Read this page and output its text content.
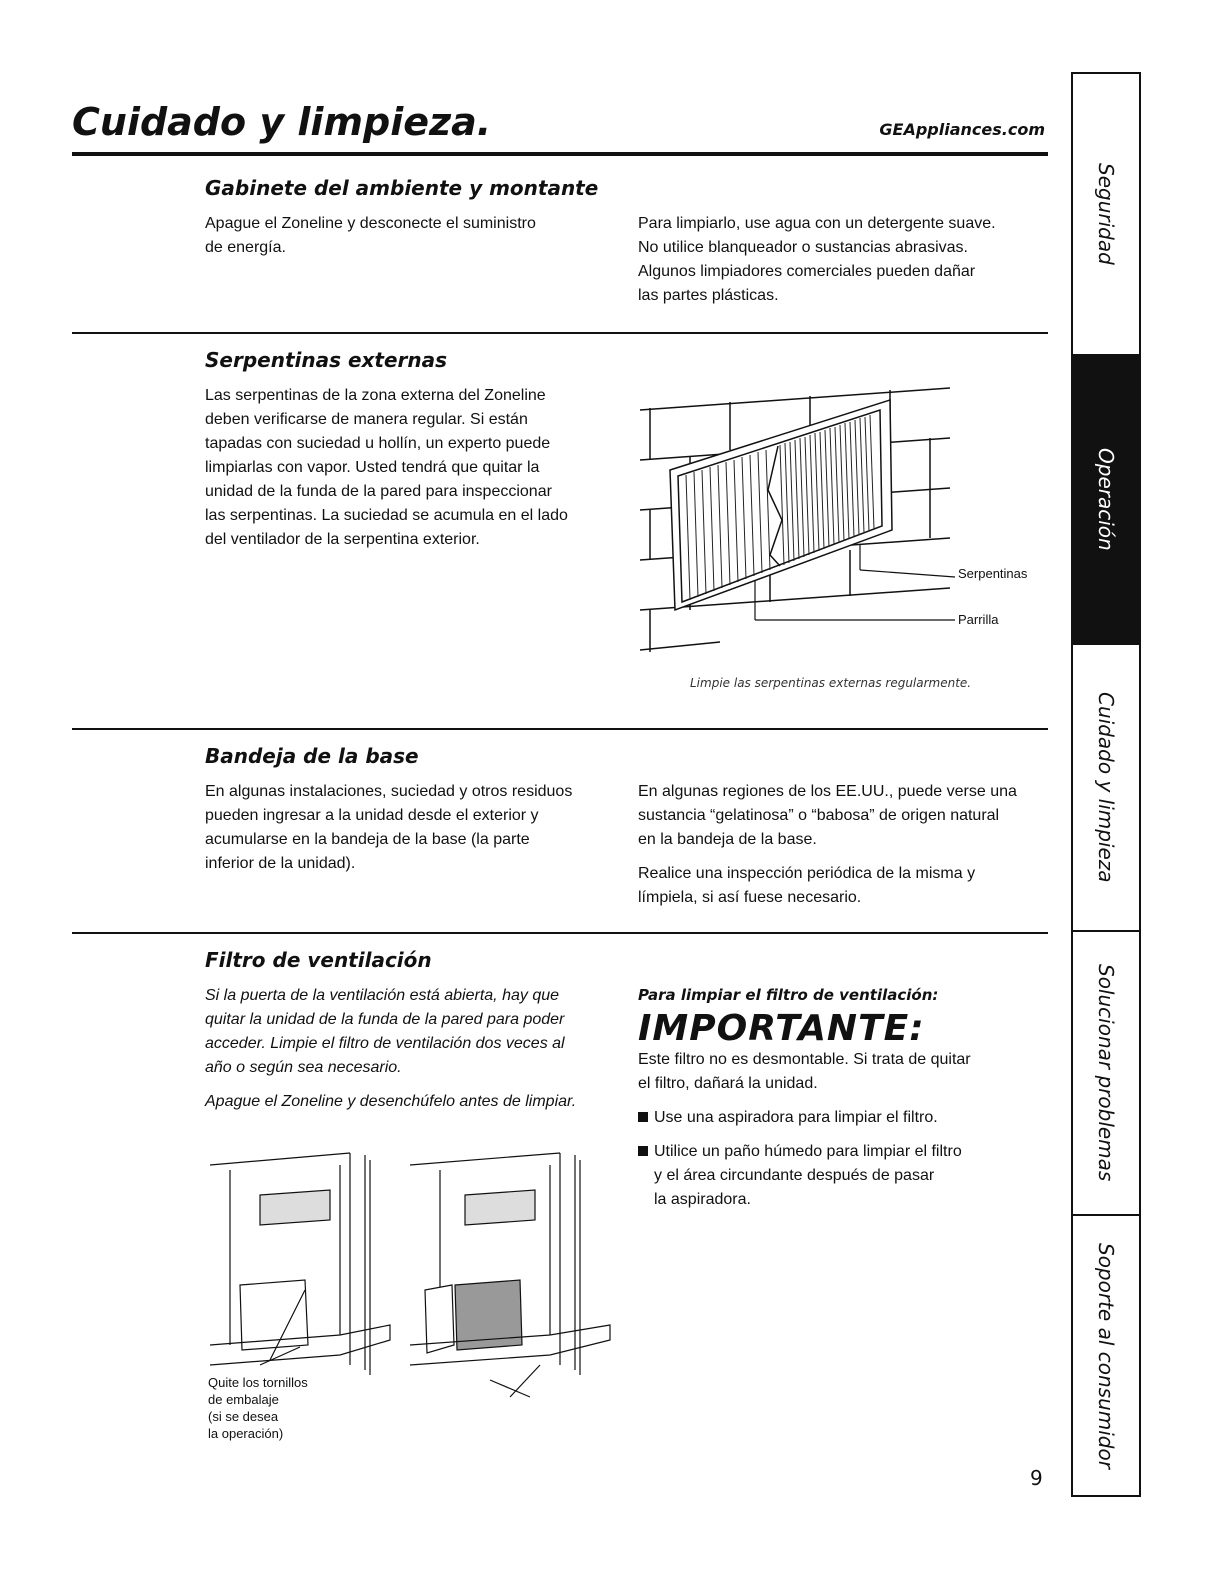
Cuidado y limpieza.	GEAppliances.com
Gabinete del ambiente y montante

Apague el Zoneline y desconecte el suministro

de energía.

Para limpiarlo, use agua con un detergente suave.

No utilice blanqueador o sustancias abrasivas.

Algunos limpiadores comerciales pueden dañar

las partes plásticas.

Serpentinas externas

Las serpentinas de la zona externa del Zoneline

deben verificarse de manera regular. Si están

tapadas con suciedad u hollín, un experto puede

limpiarlas con vapor. Usted tendrá que quitar la

unidad de la funda de la pared para inspeccionar

las serpentinas. La suciedad se acumula en el lado

del ventilador de la serpentina exterior.

Serpentinas
Parrilla
Limpie las serpentinas externas regularmente.
Bandeja de la base

En algunas instalaciones, suciedad y otros residuos

pueden ingresar a la unidad desde el exterior y

acumularse en la bandeja de la base (la parte

inferior de la unidad).

En algunas regiones de los EE.UU., puede verse una

sustancia “gelatinosa” o “babosa” de origen natural

en la bandeja de la base.

Realice una inspección periódica de la misma y

límpiela, si así fuese necesario.

Filtro de ventilación

Si la puerta de la ventilación está abierta, hay que

quitar la unidad de la funda de la pared para poder

acceder. Limpie el filtro de ventilación dos veces al

año o según sea necesario.

Apague el Zoneline y desenchúfelo antes de limpiar.

Quite los tornillos
de embalaje
(si se desea
la operación)
Para limpiar el filtro de ventilación:
IMPORTANTE:

Este filtro no es desmontable. Si trata de quitar

el filtro, dañará la unidad.

Use una aspiradora para limpiar el filtro.

Utilice un paño húmedo para limpiar el filtro

y el área circundante después de pasar

la aspiradora.

Seguridad
Operación
Cuidado y limpieza
Solucionar problemas
Soporte al consumidor
9
